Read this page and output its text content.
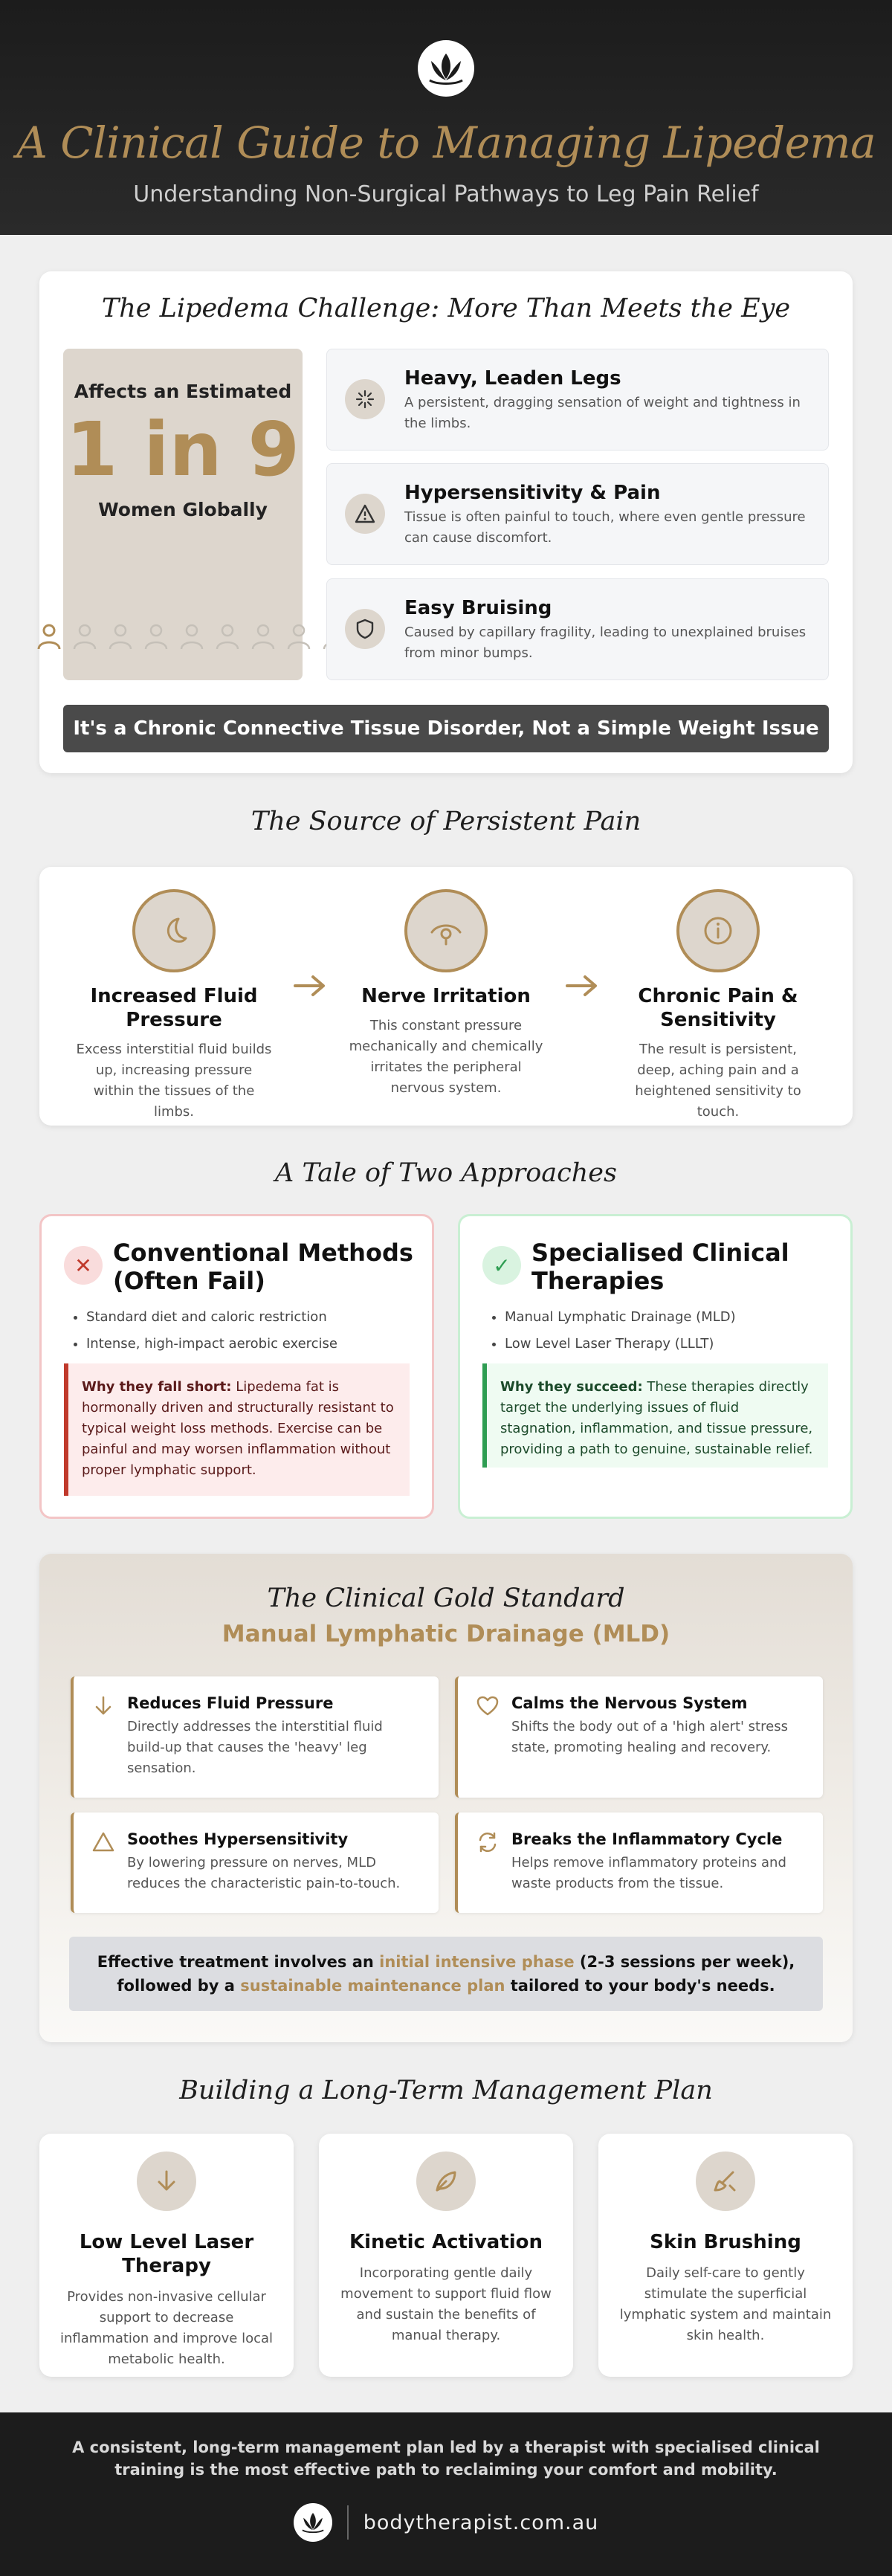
A Clinical Guide to Managing Lipedema
Understanding Non-Surgical Pathways to Leg Pain Relief
The Lipedema Challenge: More Than Meets the Eye
Affects an Estimated
1 in 9
Women Globally
Heavy, Leaden Legs

A persistent, dragging sensation of weight and tightness in the limbs.

Hypersensitivity & Pain

Tissue is often painful to touch, where even gentle pressure can cause discomfort.

Easy Bruising

Caused by capillary fragility, leading to unexplained bruises from minor bumps.

It's a Chronic Connective Tissue Disorder, Not a Simple Weight Issue
The Source of Persistent Pain
Increased Fluid Pressure

Excess interstitial fluid builds up, increasing pressure within the tissues of the limbs.

Nerve Irritation

This constant pressure mechanically and chemically irritates the peripheral nervous system.

Chronic Pain & Sensitivity

The result is persistent, deep, aching pain and a heightened sensitivity to touch.

A Tale of Two Approaches
✕ Conventional Methods (Often Fail)
• Standard diet and caloric restriction
• Intense, high-impact aerobic exercise
Why they fall short: Lipedema fat is hormonally driven and structurally resistant to typical weight loss methods. Exercise can be painful and may worsen inflammation without proper lymphatic support.
✓ Specialised Clinical Therapies
• Manual Lymphatic Drainage (MLD)
• Low Level Laser Therapy (LLLT)
Why they succeed: These therapies directly target the underlying issues of fluid stagnation, inflammation, and tissue pressure, providing a path to genuine, sustainable relief.
The Clinical Gold Standard
Manual Lymphatic Drainage (MLD)
Reduces Fluid Pressure

Directly addresses the interstitial fluid build-up that causes the 'heavy' leg sensation.

Calms the Nervous System

Shifts the body out of a 'high alert' stress state, promoting healing and recovery.

Soothes Hypersensitivity

By lowering pressure on nerves, MLD reduces the characteristic pain-to-touch.

Breaks the Inflammatory Cycle

Helps remove inflammatory proteins and waste products from the tissue.

Effective treatment involves an initial intensive phase (2-3 sessions per week), followed by a sustainable maintenance plan tailored to your body's needs.
Building a Long-Term Management Plan
Low Level Laser Therapy

Provides non-invasive cellular support to decrease inflammation and improve local metabolic health.

Kinetic Activation

Incorporating gentle daily movement to support fluid flow and sustain the benefits of manual therapy.

Skin Brushing

Daily self-care to gently stimulate the superficial lymphatic system and maintain skin health.

A consistent, long-term management plan led by a therapist with specialised clinical training is the most effective path to reclaiming your comfort and mobility.
bodytherapist.com.au
